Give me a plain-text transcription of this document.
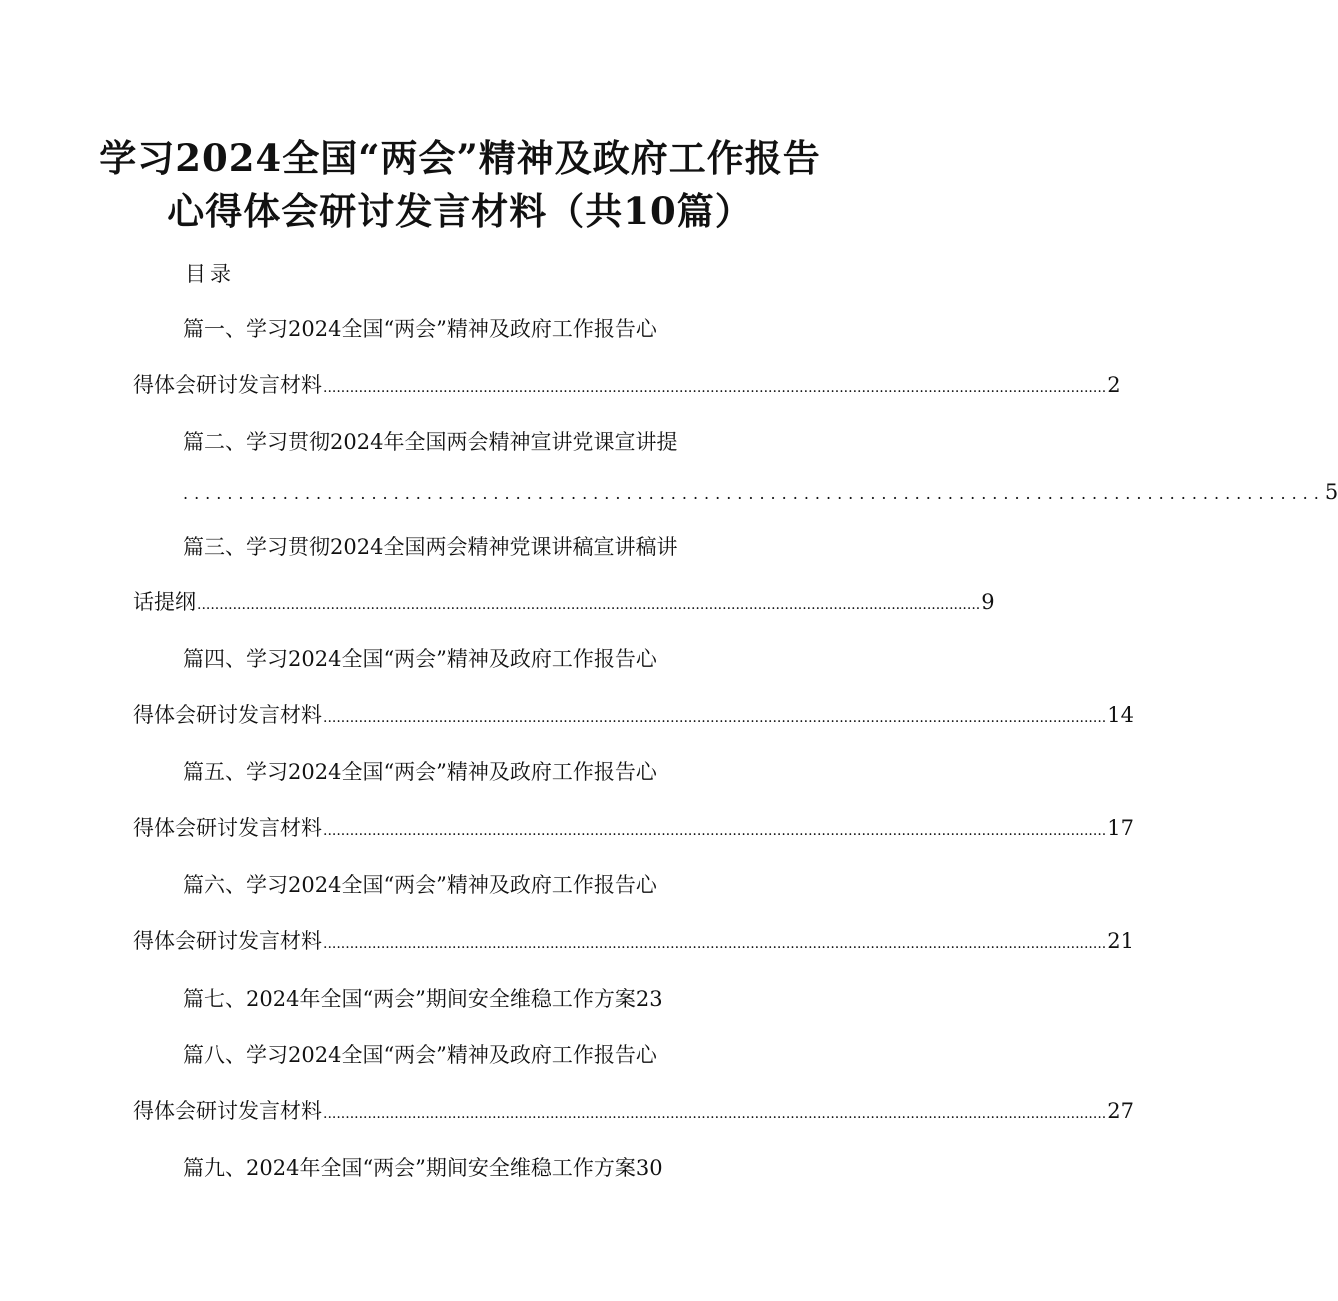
学习2024全国“两会”精神及政府工作报告
心得体会研讨发言材料（共10篇）
目录
篇一、学习2024全国“两会”精神及政府工作报告心
得体会研讨发言材料 ................................................................................................................................................................................ 2
篇二、学习贯彻2024年全国两会精神宣讲党课宣讲提
....................................................................................................... 5
篇三、学习贯彻2024全国两会精神党课讲稿宣讲稿讲
话提纲 ................................................................................................................................................................................ 9
篇四、学习2024全国“两会”精神及政府工作报告心
得体会研讨发言材料 ................................................................................................................................................................................ 14
篇五、学习2024全国“两会”精神及政府工作报告心
得体会研讨发言材料 ................................................................................................................................................................................ 17
篇六、学习2024全国“两会”精神及政府工作报告心
得体会研讨发言材料 ................................................................................................................................................................................ 21
篇七、2024年全国“两会”期间安全维稳工作方案23
篇八、学习2024全国“两会”精神及政府工作报告心
得体会研讨发言材料 ................................................................................................................................................................................ 27
篇九、2024年全国“两会”期间安全维稳工作方案30
